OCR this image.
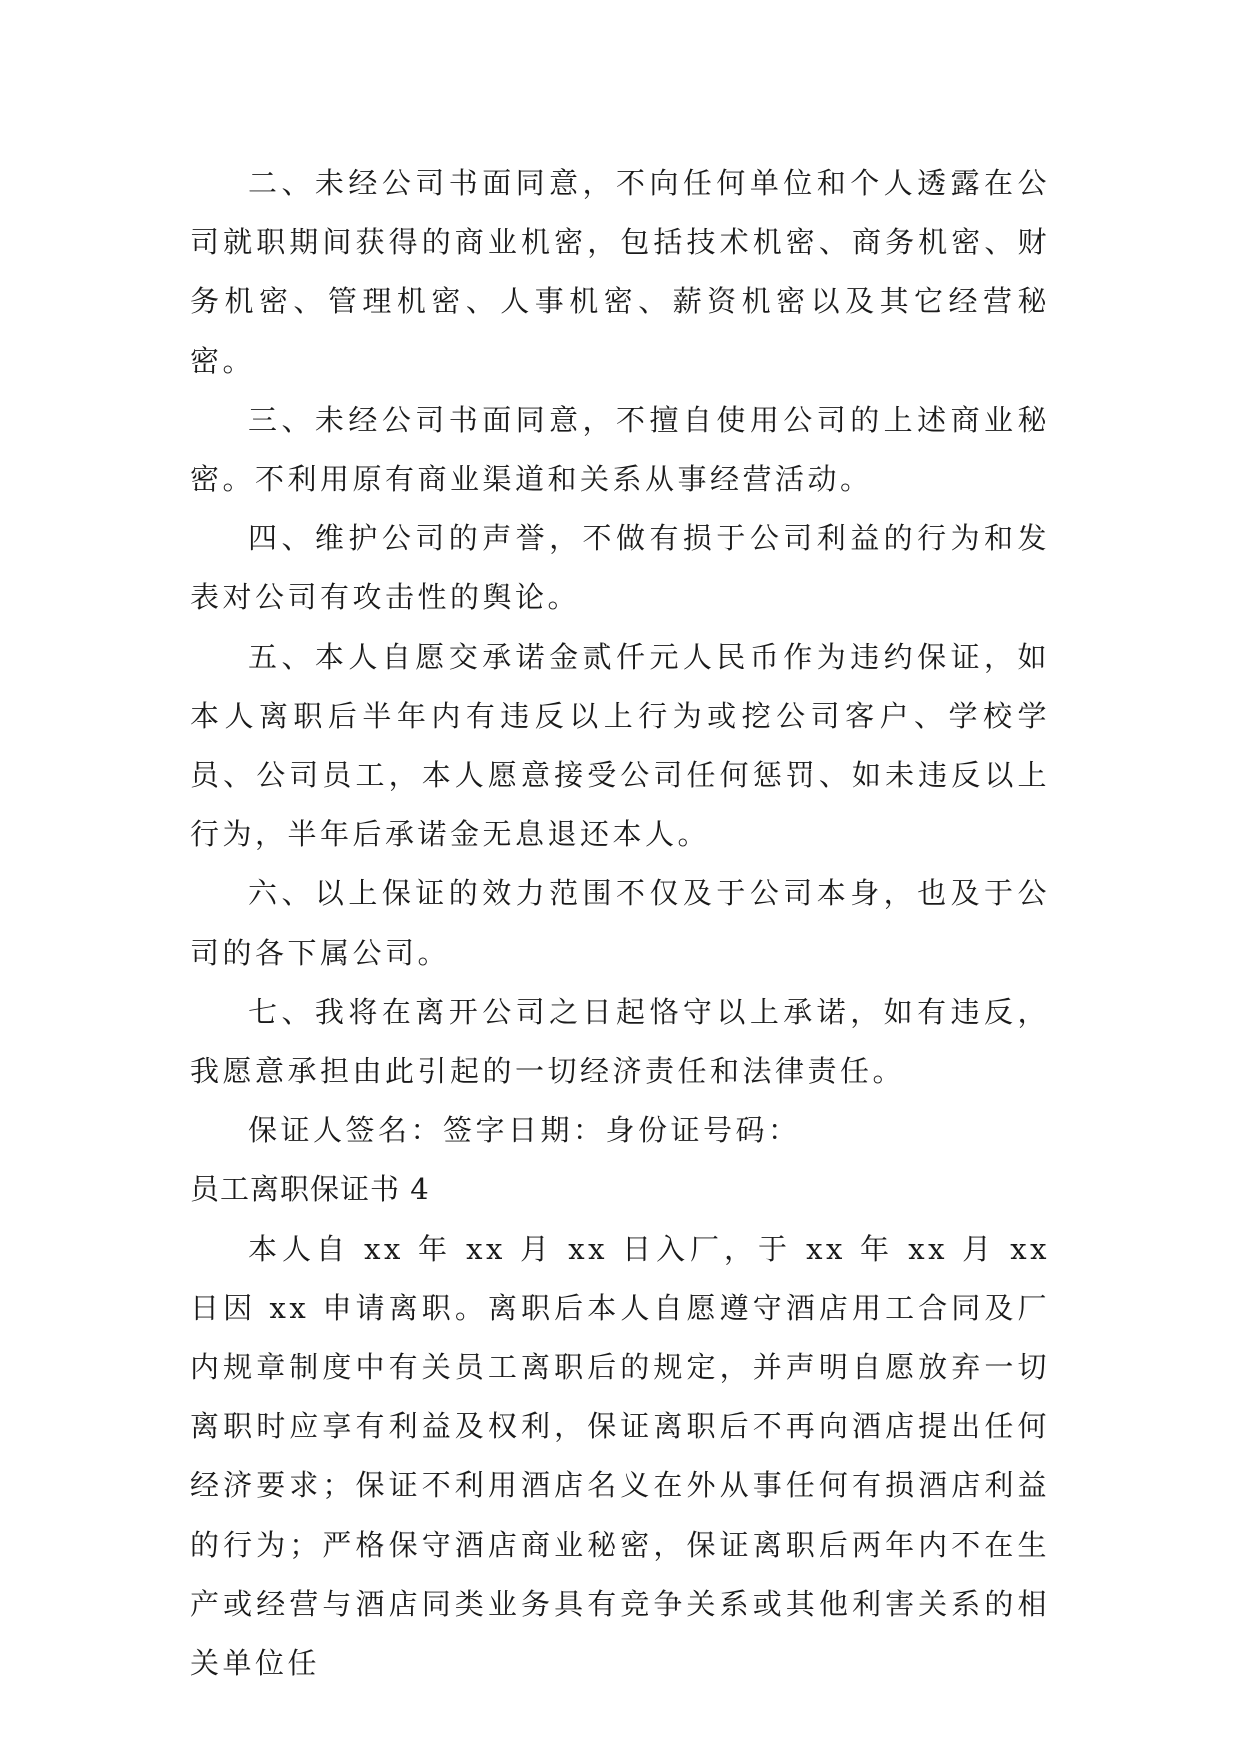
二、未经公司书面同意，不向任何单位和个人透露在公司就职期间获得的商业机密，包括技术机密、商务机密、财务机密、管理机密、人事机密、薪资机密以及其它经营秘密。

三、未经公司书面同意，不擅自使用公司的上述商业秘密。不利用原有商业渠道和关系从事经营活动。

四、维护公司的声誉，不做有损于公司利益的行为和发表对公司有攻击性的舆论。

五、本人自愿交承诺金贰仟元人民币作为违约保证，如本人离职后半年内有违反以上行为或挖公司客户、学校学员、公司员工，本人愿意接受公司任何惩罚、如未违反以上行为，半年后承诺金无息退还本人。

六、以上保证的效力范围不仅及于公司本身，也及于公司的各下属公司。

七、我将在离开公司之日起恪守以上承诺，如有违反，我愿意承担由此引起的一切经济责任和法律责任。

保证人签名：签字日期：身份证号码：

员工离职保证书 4

本人自 xx 年 xx 月 xx 日入厂，于 xx 年 xx 月 xx 日因 xx 申请离职。离职后本人自愿遵守酒店用工合同及厂内规章制度中有关员工离职后的规定，并声明自愿放弃一切离职时应享有利益及权利，保证离职后不再向酒店提出任何经济要求；保证不利用酒店名义在外从事任何有损酒店利益的行为；严格保守酒店商业秘密，保证离职后两年内不在生产或经营与酒店同类业务具有竞争关系或其他利害关系的相关单位任
